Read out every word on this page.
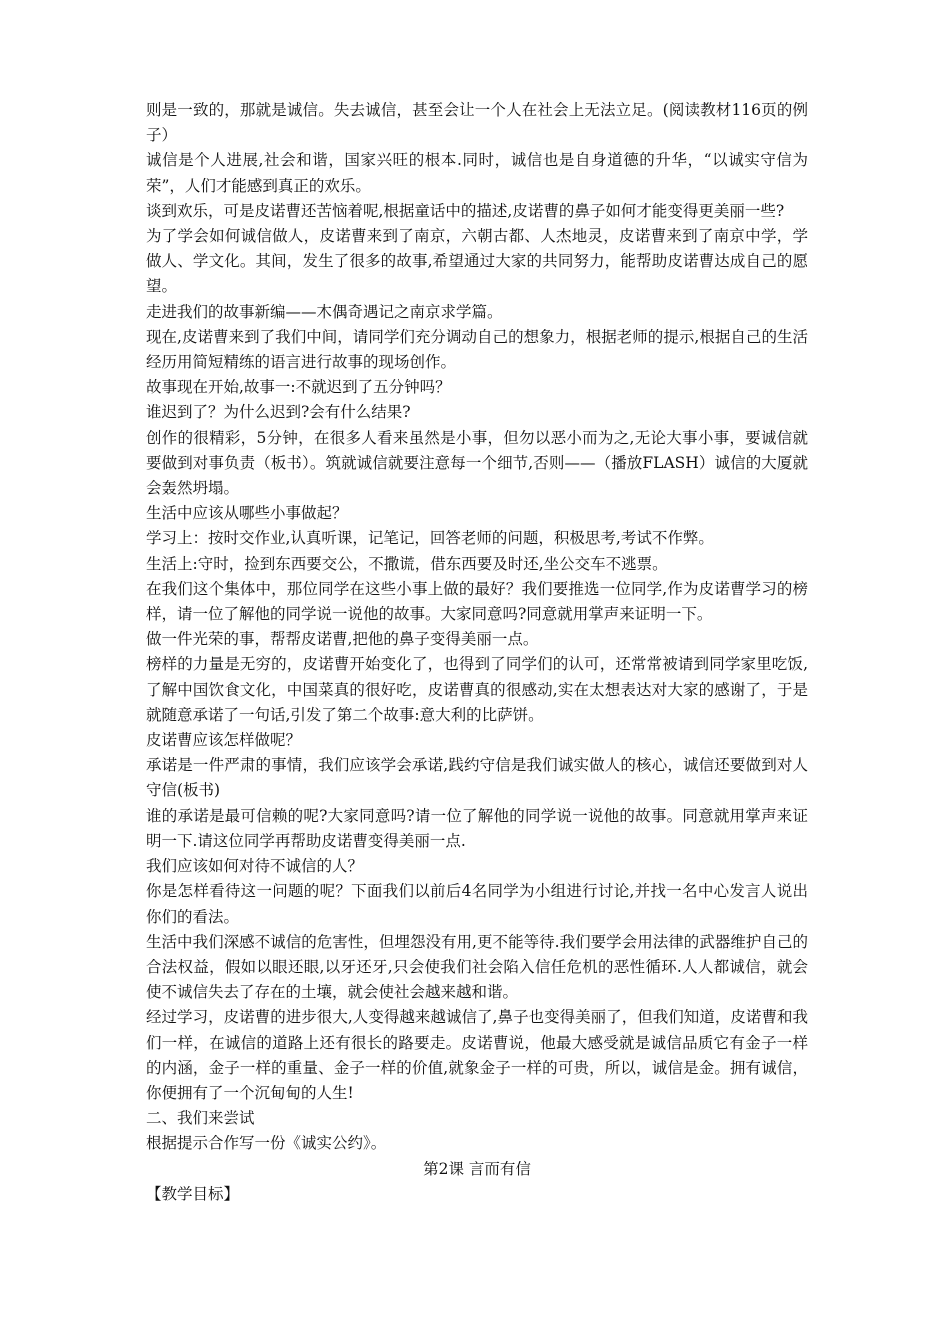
则是一致的，那就是诚信。失去诚信，甚至会让一个人在社会上无法立足。(阅读教材116页的例子）

诚信是个人进展,社会和谐，国家兴旺的根本.同时，诚信也是自身道德的升华，“以诚实守信为荣”，人们才能感到真正的欢乐。

谈到欢乐，可是皮诺曹还苦恼着呢,根据童话中的描述,皮诺曹的鼻子如何才能变得更美丽一些?

为了学会如何诚信做人，皮诺曹来到了南京，六朝古都、人杰地灵，皮诺曹来到了南京中学，学做人、学文化。其间，发生了很多的故事,希望通过大家的共同努力，能帮助皮诺曹达成自己的愿望。

走进我们的故事新编——木偶奇遇记之南京求学篇。

现在,皮诺曹来到了我们中间，请同学们充分调动自己的想象力，根据老师的提示,根据自己的生活经历用简短精练的语言进行故事的现场创作。

故事现在开始,故事一:不就迟到了五分钟吗？

谁迟到了？为什么迟到?会有什么结果?

创作的很精彩，5分钟，在很多人看来虽然是小事，但勿以恶小而为之,无论大事小事，要诚信就要做到对事负责（板书）。筑就诚信就要注意每一个细节,否则——（播放FLASH）诚信的大厦就会轰然坍塌。

生活中应该从哪些小事做起？

学习上：按时交作业,认真听课，记笔记，回答老师的问题，积极思考,考试不作弊。

生活上:守时，捡到东西要交公，不撒谎，借东西要及时还,坐公交车不逃票。

在我们这个集体中，那位同学在这些小事上做的最好？我们要推选一位同学,作为皮诺曹学习的榜样，请一位了解他的同学说一说他的故事。大家同意吗?同意就用掌声来证明一下。

做一件光荣的事，帮帮皮诺曹,把他的鼻子变得美丽一点。

榜样的力量是无穷的，皮诺曹开始变化了，也得到了同学们的认可，还常常被请到同学家里吃饭,了解中国饮食文化，中国菜真的很好吃，皮诺曹真的很感动,实在太想表达对大家的感谢了，于是就随意承诺了一句话,引发了第二个故事:意大利的比萨饼。

皮诺曹应该怎样做呢？

承诺是一件严肃的事情，我们应该学会承诺,践约守信是我们诚实做人的核心，诚信还要做到对人守信(板书)

谁的承诺是最可信赖的呢?大家同意吗?请一位了解他的同学说一说他的故事。同意就用掌声来证明一下.请这位同学再帮助皮诺曹变得美丽一点.

我们应该如何对待不诚信的人？

你是怎样看待这一问题的呢？下面我们以前后4名同学为小组进行讨论,并找一名中心发言人说出你们的看法。

生活中我们深感不诚信的危害性，但埋怨没有用,更不能等待.我们要学会用法律的武器维护自己的合法权益，假如以眼还眼,以牙还牙,只会使我们社会陷入信任危机的恶性循环.人人都诚信，就会使不诚信失去了存在的土壤，就会使社会越来越和谐。

经过学习，皮诺曹的进步很大,人变得越来越诚信了,鼻子也变得美丽了，但我们知道，皮诺曹和我们一样，在诚信的道路上还有很长的路要走。皮诺曹说，他最大感受就是诚信品质它有金子一样的内涵，金子一样的重量、金子一样的价值,就象金子一样的可贵，所以，诚信是金。拥有诚信，你便拥有了一个沉甸甸的人生!

二、我们来尝试

根据提示合作写一份《诚实公约》。

第2课 言而有信

【教学目标】
